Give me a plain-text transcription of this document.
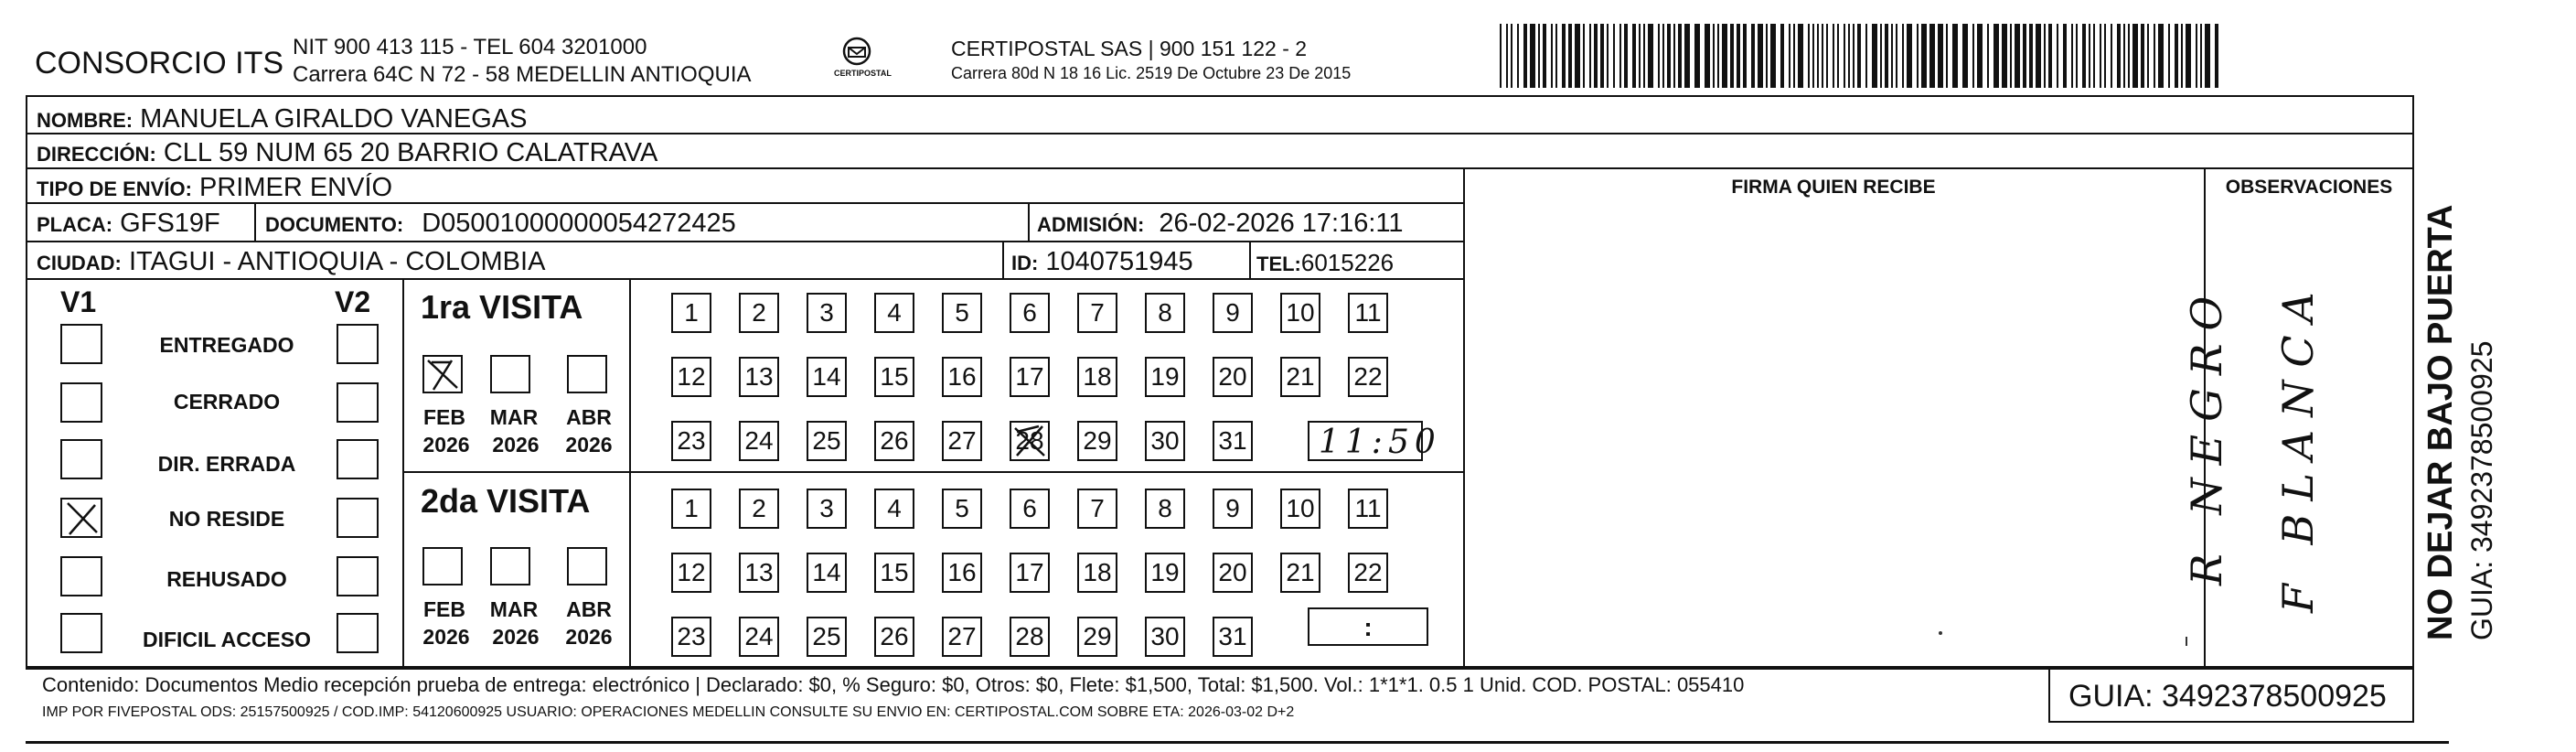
CONSORCIO ITS NIT 900 413 115 - TEL 604 3201000
Carrera 64C N 72 - 58 MEDELLIN ANTIOQUIA	CERTIPOSTAL
CERTIPOSTAL SAS | 900 151 122 - 2
Carrera 80d N 18 16 Lic. 2519 De Octubre 23 De 2015
NOMBRE: MANUELA GIRALDO VANEGAS
DIRECCIÓN: CLL 59 NUM 65 20 BARRIO CALATRAVA
TIPO DE ENVÍO: PRIMER ENVÍO
PLACA: GFS19F DOCUMENTO: D05001000000054272425	ADMISIÓN: 26-02-2026 17:16:11
CIUDAD: ITAGUI - ANTIOQUIA - COLOMBIA	ID: 1040751945	TEL:6015226
FIRMA QUIEN RECIBE	OBSERVACIONES
V1	V2
ENTREGADO
CERRADO
DIR. ERRADA
NO RESIDE
REHUSADO
DIFICIL ACCESO
1ra VISITA
FEB	MAR	ABR
2026	2026	2026
1 2 3 4 5 6 7 8 9 10 11
12 13 14 15 16 17 18 19 20 21 22
23 24 25 26 27 28 29 30 31 11:50
2da VISITA
FEB	MAR	ABR
2026	2026	2026
1 2 3 4 5 6 7 8 9 10 11
12 13 14 15 16 17 18 19 20 21 22
23 24 25 26 27 28 29 30 31	:
R NEGRO F BLANCA	NO DEJAR BAJO PUERTA GUIA: 3492378500925
Contenido: Documentos Medio recepción prueba de entrega: electrónico | Declarado: $0, % Seguro: $0, Otros: $0, Flete: $1,500, Total: $1,500. Vol.: 1*1*1. 0.5 1 Unid. COD. POSTAL: 055410
IMP POR FIVEPOSTAL ODS: 25157500925 / COD.IMP: 54120600925 USUARIO: OPERACIONES MEDELLIN CONSULTE SU ENVIO EN: CERTIPOSTAL.COM SOBRE ETA: 2026-03-02 D+2	GUIA: 3492378500925
